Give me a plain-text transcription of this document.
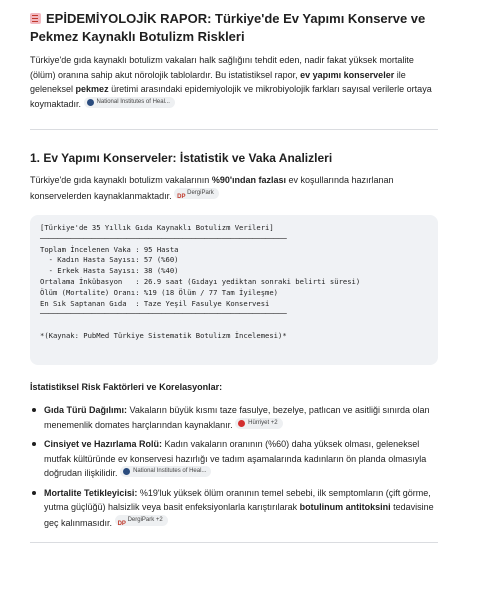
EPİDEMİYOLOJİK RAPOR: Türkiye'de Ev Yapımı Konserve ve Pekmez Kaynaklı Botulizm Riskleri

Türkiye'de gıda kaynaklı botulizm vakaları halk sağlığını tehdit eden, nadir fakat yüksek mortalite (ölüm) oranına sahip akut nörolojik tablolardır. Bu istatistiksel rapor, ev yapımı konserveler ile geleneksel pekmez üretimi arasındaki epidemiyolojik ve mikrobiyolojik farkları sayısal verilerle ortaya koymaktadır.	National Institutes of Heal...

1. Ev Yapımı Konserveler: İstatistik ve Vaka Analizleri

Türkiye'de gıda kaynaklı botulizm vakalarının %90'ından fazlası ev koşullarında hazırlanan konservelerden kaynaklanmaktadır. DP
DergiPark

[Türkiye'de 35 Yıllık Gıda Kaynaklı Botulizm Verileri]
─────────────────────────────────────────────────────────
Toplam İncelenen Vaka : 95 Hasta
- Kadın Hasta Sayısı: 57 (%60)
- Erkek Hasta Sayısı: 38 (%40)
Ortalama İnkübasyon   : 26.9 saat (Gıdayı yediktan sonraki belirti süresi)
Ölüm (Mortalite) Oranı: %19 (18 Ölüm / 77 Tam İyileşme)
En Sık Saptanan Gıda  : Taze Yeşil Fasulye Konservesi
─────────────────────────────────────────────────────────
*(Kaynak: PubMed Türkiye Sistematik Botulizm İncelemesi)*
İstatistiksel Risk Faktörleri ve Korelasyonlar:
Gıda Türü Dağılımı: Vakaların büyük kısmı taze fasulye, bezelye, patlıcan ve asitliği sınırda olan menemenlik domates harçlarından kaynaklanır.	Hürriyet +2
Cinsiyet ve Hazırlama Rolü: Kadın vakaların oranının (%60) daha yüksek olması, geleneksel mutfak kültüründe ev konservesi hazırlığı ve tadım aşamalarında kadınların ön planda olmasıyla doğrudan ilişkilidir.	National Institutes of Heal...
Mortalite Tetikleyicisi: %19'luk yüksek ölüm oranının temel sebebi, ilk semptomların (çift görme, yutma güçlüğü) halsizlik veya basit enfeksiyonlarla karıştırılarak botulinum antitoksini tedavisine geç kalınmasıdır. DP
DergiPark +2
